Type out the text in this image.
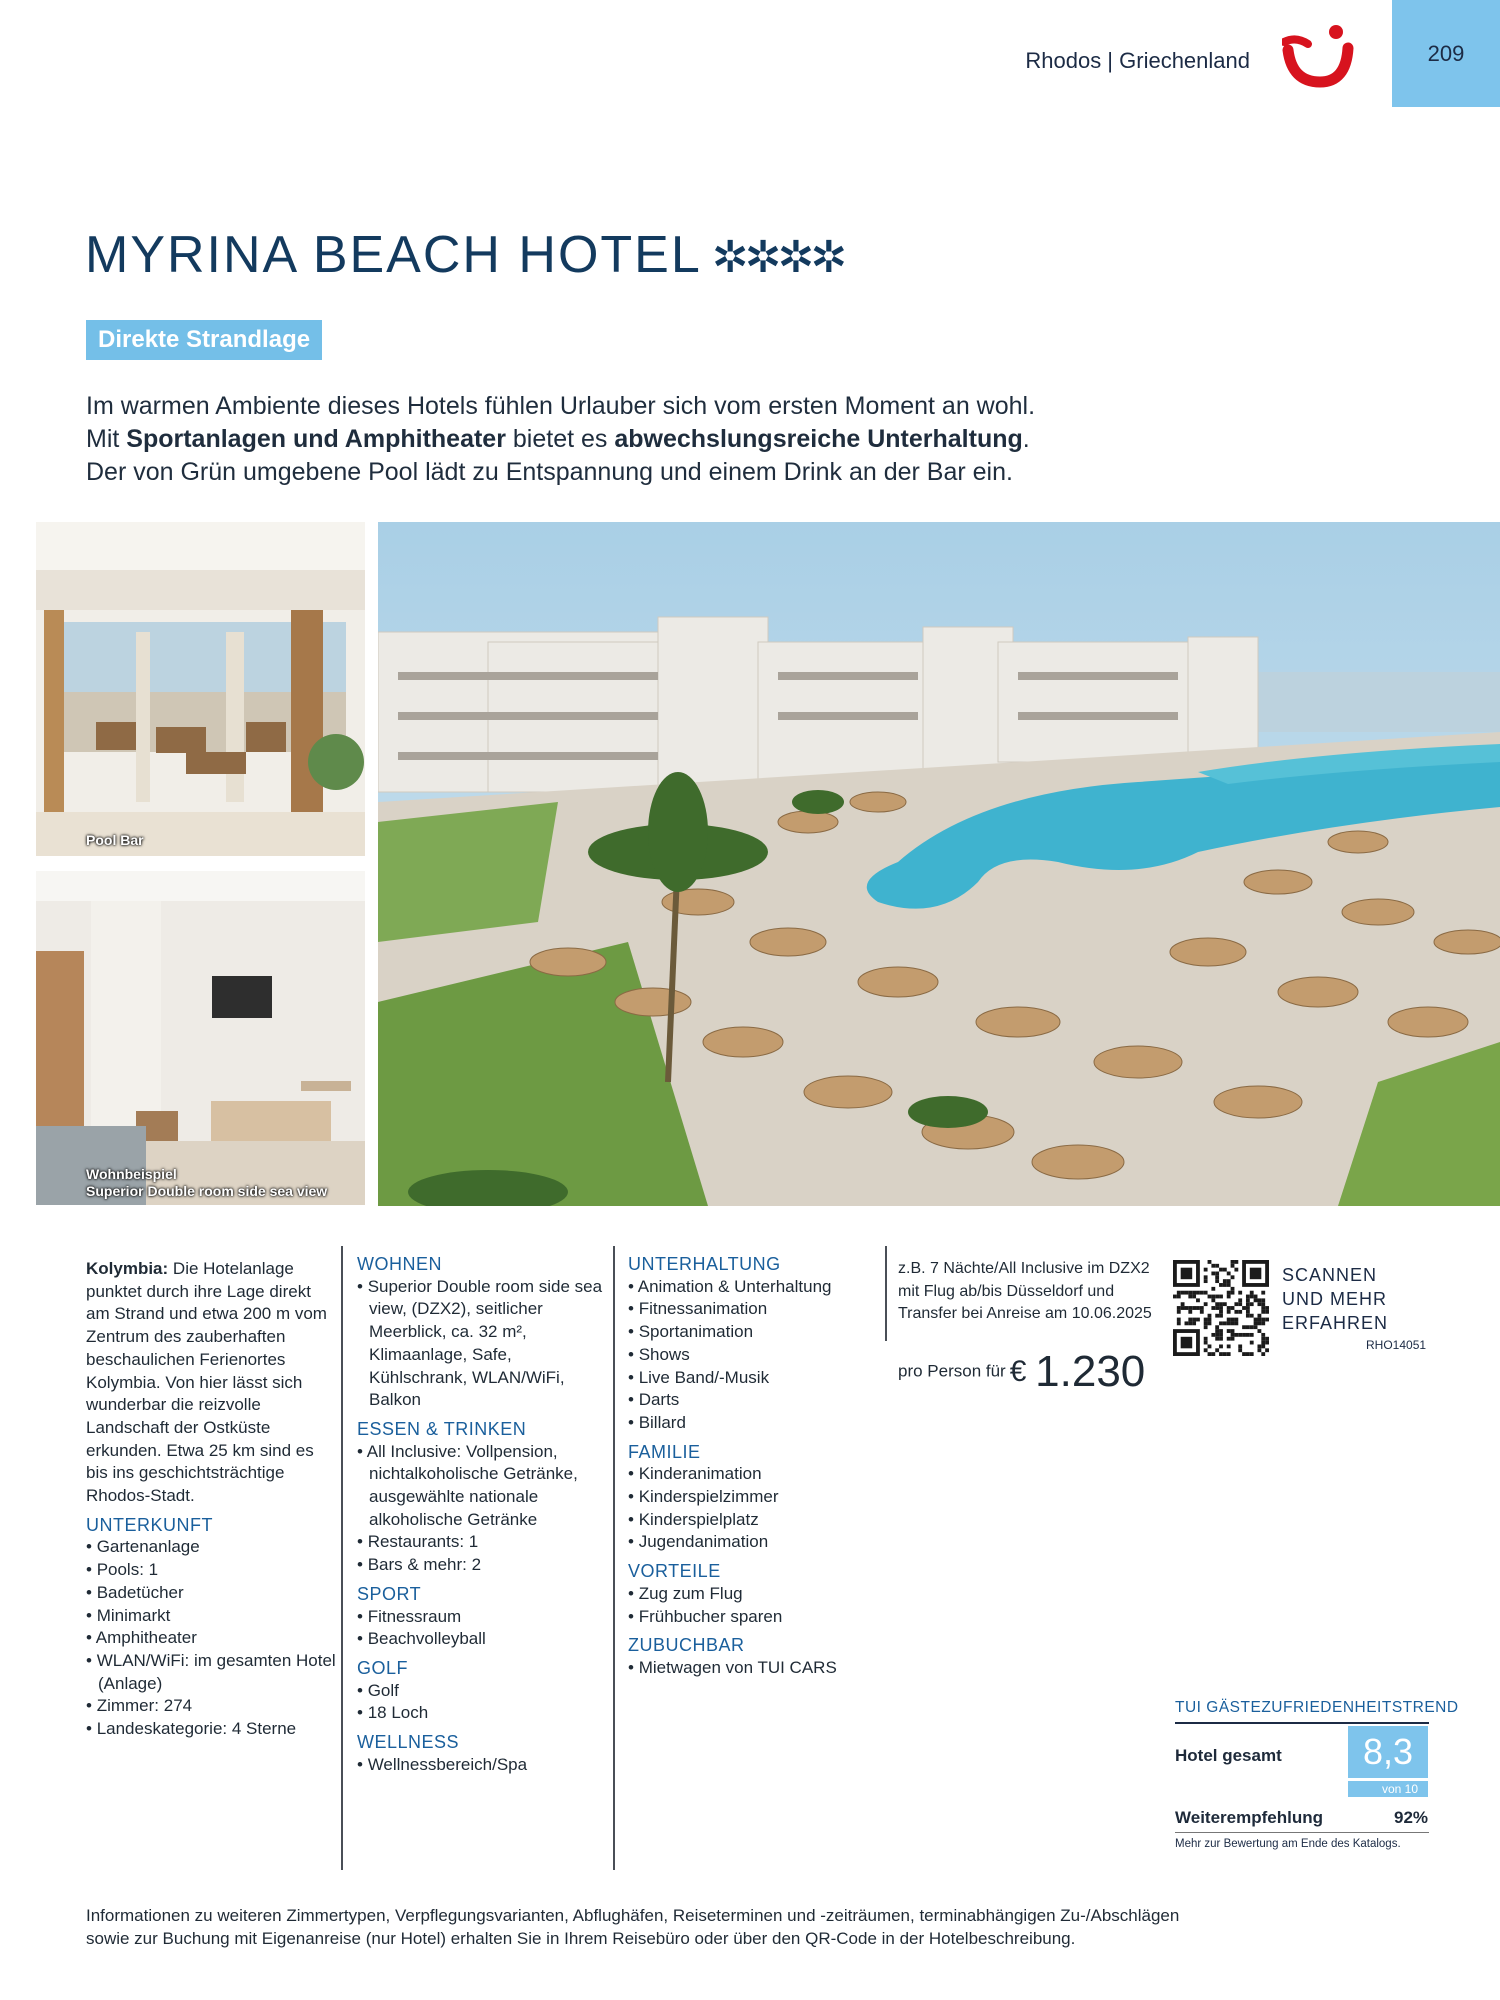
Rhodos | Griechenland	209
MYRINA BEACH HOTEL ✲✲✲✲
Direkte Strandlage
Im warmen Ambiente dieses Hotels fühlen Urlauber sich vom ersten Moment an wohl.
Mit Sportanlagen und Amphitheater bietet es abwechslungsreiche Unterhaltung.
Der von Grün umgebene Pool lädt zu Entspannung und einem Drink an der Bar ein.
Pool Bar
Wohnbeispiel
Superior Double room side sea view

Kolymbia: Die Hotelanlage punktet durch ihre Lage direkt am Strand und etwa 200 m vom Zentrum des zauberhaften beschaulichen Ferienortes Kolymbia. Von hier lässt sich wunderbar die reizvolle Landschaft der Ostküste erkunden. Etwa 25 km sind es bis ins geschichtsträchtige Rhodos-Stadt.

UNTERKUNFT
• Gartenanlage
• Pools: 1
• Badetücher
• Minimarkt
• Amphitheater
• WLAN/WiFi: im gesamten Hotel (Anlage)
• Zimmer: 274
• Landeskategorie: 4 Sterne
WOHNEN
• Superior Double room side sea view, (DZX2), seitlicher Meerblick, ca. 32 m², Klimaanlage, Safe, Kühlschrank, WLAN/WiFi, Balkon
ESSEN & TRINKEN
• All Inclusive: Vollpension, nichtalkoholische Getränke, ausgewählte nationale alkoholische Getränke
• Restaurants: 1
• Bars & mehr: 2
SPORT
• Fitnessraum
• Beachvolleyball
GOLF
• Golf
• 18 Loch
WELLNESS
• Wellnessbereich/Spa
UNTERHALTUNG
• Animation & Unterhaltung
• Fitnessanimation
• Sportanimation
• Shows
• Live Band/-Musik
• Darts
• Billard
FAMILIE
• Kinderanimation
• Kinderspielzimmer
• Kinderspielplatz
• Jugendanimation
VORTEILE
• Zug zum Flug
• Frühbucher sparen
ZUBUCHBAR
• Mietwagen von TUI CARS
z.B. 7 Nächte/All Inclusive im DZX2 mit Flug ab/bis Düsseldorf und Transfer bei Anreise am 10.06.2025
pro Person für € 1.230
SCANNEN
UND MEHR
ERFAHREN
RHO14051
TUI GÄSTEZUFRIEDENHEITSTREND
Hotel gesamt	8,3
von 10
Weiterempfehlung	92%
Mehr zur Bewertung am Ende des Katalogs.
Informationen zu weiteren Zimmertypen, Verpflegungsvarianten, Abflughäfen, Reiseterminen und -zeiträumen, terminabhängigen Zu-/Abschlägen
sowie zur Buchung mit Eigenanreise (nur Hotel) erhalten Sie in Ihrem Reisebüro oder über den QR-Code in der Hotelbeschreibung.
